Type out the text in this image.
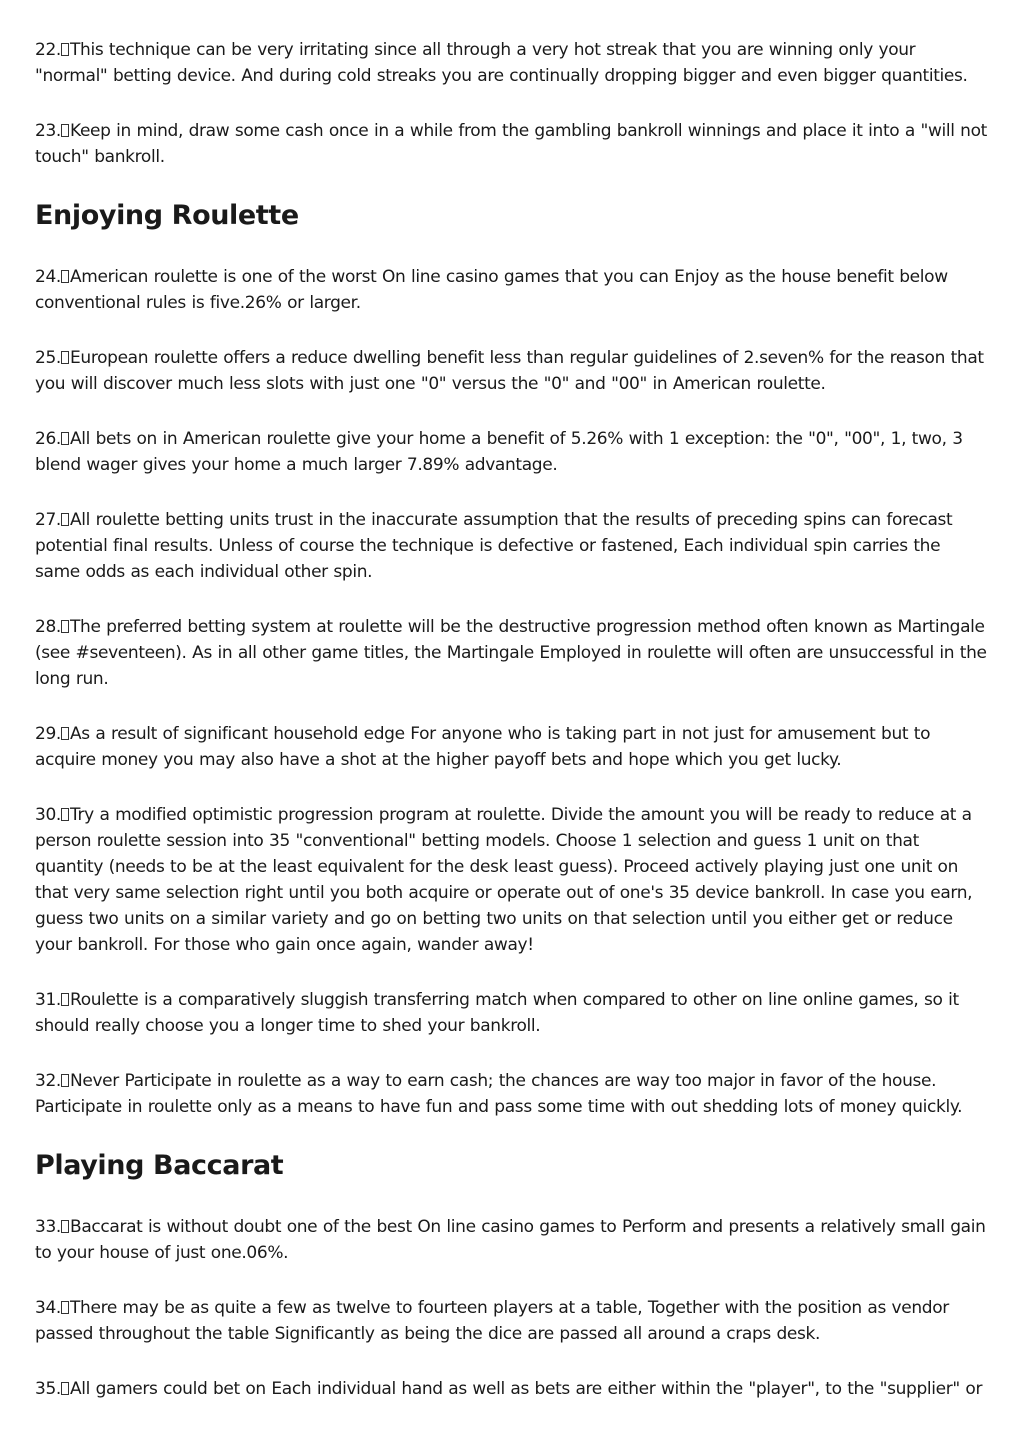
22. This technique can be very irritating since all through a very hot streak that you are winning only your "normal" betting device. And during cold streaks you are continually dropping bigger and even bigger quantities.

23. Keep in mind, draw some cash once in a while from the gambling bankroll winnings and place it into a "will not touch" bankroll.

Enjoying Roulette

24. American roulette is one of the worst On line casino games that you can Enjoy as the house benefit below conventional rules is five.26% or larger.

25. European roulette offers a reduce dwelling benefit less than regular guidelines of 2.seven% for the reason that you will discover much less slots with just one "0" versus the "0" and "00" in American roulette.

26. All bets on in American roulette give your home a benefit of 5.26% with 1 exception: the "0", "00", 1, two, 3 blend wager gives your home a much larger 7.89% advantage.

27. All roulette betting units trust in the inaccurate assumption that the results of preceding spins can forecast potential final results. Unless of course the technique is defective or fastened, Each individual spin carries the same odds as each individual other spin.

28. The preferred betting system at roulette will be the destructive progression method often known as Martingale (see #seventeen). As in all other game titles, the Martingale Employed in roulette will often are unsuccessful in the long run.

29. As a result of significant household edge For anyone who is taking part in not just for amusement but to acquire money you may also have a shot at the higher payoff bets and hope which you get lucky.

30. Try a modified optimistic progression program at roulette. Divide the amount you will be ready to reduce at a person roulette session into 35 "conventional" betting models. Choose 1 selection and guess 1 unit on that quantity (needs to be at the least equivalent for the desk least guess). Proceed actively playing just one unit on that very same selection right until you both acquire or operate out of one's 35 device bankroll. In case you earn, guess two units on a similar variety and go on betting two units on that selection until you either get or reduce your bankroll. For those who gain once again, wander away!

31. Roulette is a comparatively sluggish transferring match when compared to other on line online games, so it should really choose you a longer time to shed your bankroll.

32. Never Participate in roulette as a way to earn cash; the chances are way too major in favor of the house. Participate in roulette only as a means to have fun and pass some time with out shedding lots of money quickly.

Playing Baccarat

33. Baccarat is without doubt one of the best On line casino games to Perform and presents a relatively small gain to your house of just one.06%.

34. There may be as quite a few as twelve to fourteen players at a table, Together with the position as vendor passed throughout the table Significantly as being the dice are passed all around a craps desk.

35. All gamers could bet on Each individual hand as well as bets are either within the "player", to the "supplier" or
